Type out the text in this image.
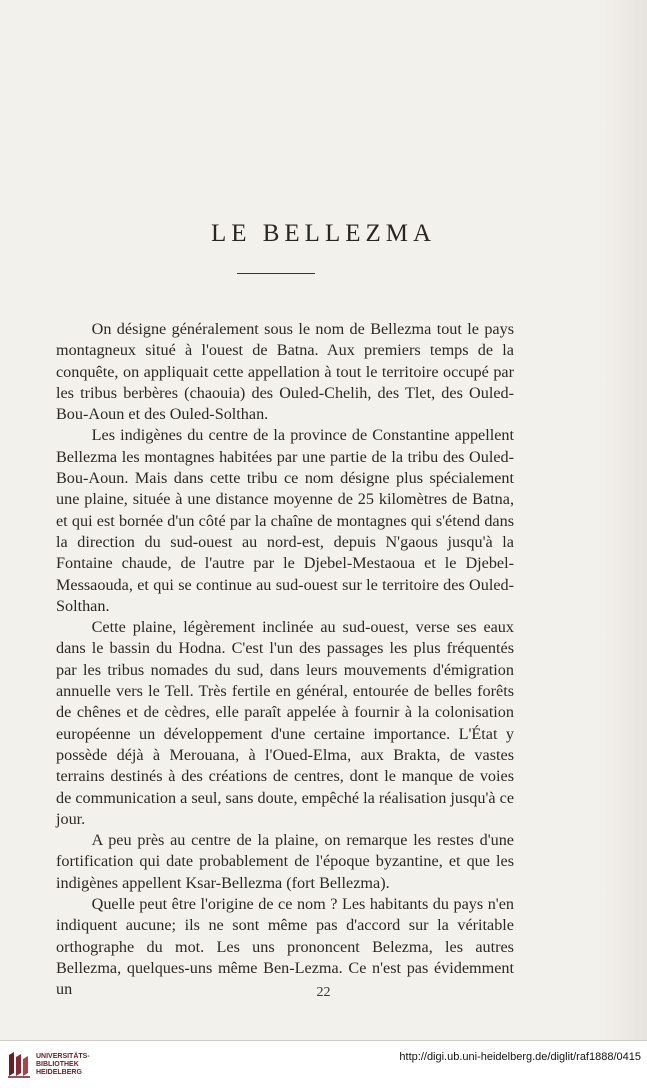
LE BELLEZMA

On désigne généralement sous le nom de Bellezma tout le pays montagneux situé à l'ouest de Batna. Aux premiers temps de la conquête, on appliquait cette appellation à tout le territoire occupé par les tribus berbères (chaouia) des Ouled-Chelih, des Tlet, des Ouled-Bou-Aoun et des Ouled-Solthan.

Les indigènes du centre de la province de Constantine appellent Bellezma les montagnes habitées par une partie de la tribu des Ouled-Bou-Aoun. Mais dans cette tribu ce nom désigne plus spécialement une plaine, située à une distance moyenne de 25 kilomètres de Batna, et qui est bornée d'un côté par la chaîne de montagnes qui s'étend dans la direction du sud-ouest au nord-est, depuis N'gaous jusqu'à la Fontaine chaude, de l'autre par le Djebel-Mestaoua et le Djebel-Messaouda, et qui se continue au sud-ouest sur le territoire des Ouled-Solthan.

Cette plaine, légèrement inclinée au sud-ouest, verse ses eaux dans le bassin du Hodna. C'est l'un des passages les plus fréquentés par les tribus nomades du sud, dans leurs mouvements d'émigration annuelle vers le Tell. Très fertile en général, entourée de belles forêts de chênes et de cèdres, elle paraît appelée à fournir à la colonisation européenne un développement d'une certaine importance. L'État y possède déjà à Merouana, à l'Oued-Elma, aux Brakta, de vastes terrains destinés à des créations de centres, dont le manque de voies de communication a seul, sans doute, empêché la réalisation jusqu'à ce jour.

A peu près au centre de la plaine, on remarque les restes d'une fortification qui date probablement de l'époque byzantine, et que les indigènes appellent Ksar-Bellezma (fort Bellezma).

Quelle peut être l'origine de ce nom ? Les habitants du pays n'en indiquent aucune; ils ne sont même pas d'accord sur la véritable orthographe du mot. Les uns prononcent Belezma, les autres Bellezma, quelques-uns même Ben-Lezma. Ce n'est pas évidemment un	22
UNIVERSITÄTS-
BIBLIOTHEK
HEIDELBERG
http://digi.ub.uni-heidelberg.de/diglit/raf1888/0415
